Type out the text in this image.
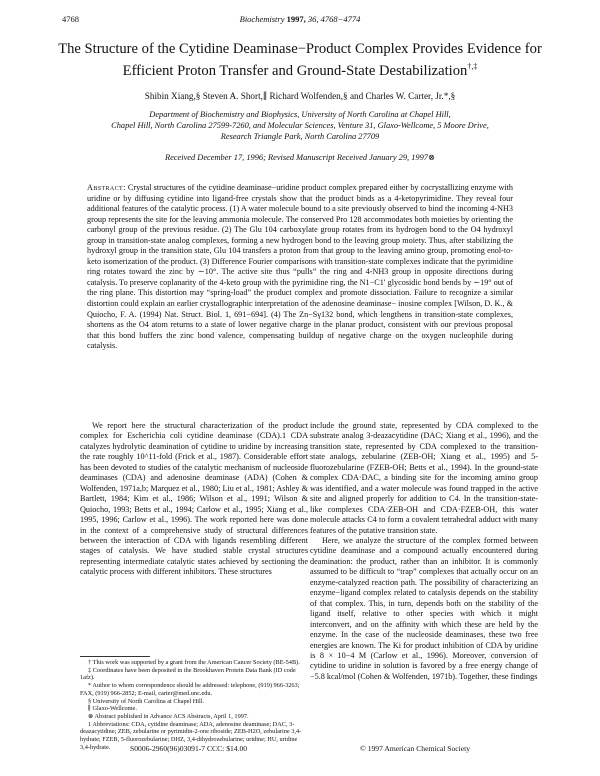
4768	Biochemistry 1997, 36, 4768−4774
The Structure of the Cytidine Deaminase−Product Complex Provides Evidence for
Efficient Proton Transfer and Ground-State Destabilization†,‡
Shibin Xiang,§ Steven A. Short,∥ Richard Wolfenden,§ and Charles W. Carter, Jr.*,§
Department of Biochemistry and Biophysics, University of North Carolina at Chapel Hill,
Chapel Hill, North Carolina 27599-7260, and Molecular Sciences, Venture 31, Glaxo-Wellcome, 5 Moore Drive,
Research Triangle Park, North Carolina 27709
Received December 17, 1996; Revised Manuscript Received January 29, 1997⊗
Abstract: Crystal structures of the cytidine deaminase−uridine product complex prepared either by cocrystallizing enzyme with uridine or by diffusing cytidine into ligand-free crystals show that the product binds as a 4-ketopyrimidine. They reveal four additional features of the catalytic process. (1) A water molecule bound to a site previously observed to bind the incoming 4-NH3 group represents the site for the leaving ammonia molecule. The conserved Pro 128 accommodates both moieties by orienting the carbonyl group of the previous residue. (2) The Glu 104 carboxylate group rotates from its hydrogen bond to the O4 hydroxyl group in transition-state analog complexes, forming a new hydrogen bond to the leaving group moiety. Thus, after stabilizing the hydroxyl group in the transition state, Glu 104 transfers a proton from that group to the leaving amino group, promoting enol-to-keto isomerization of the product. (3) Difference Fourier comparisons with transition-state complexes indicate that the pyrimidine ring rotates toward the zinc by ∼10°. The active site thus “pulls” the ring and 4-NH3 group in opposite directions during catalysis. To preserve coplanarity of the 4-keto group with the pyrimidine ring, the N1−C1′ glycosidic bond bends by ∼19° out of the ring plane. This distortion may “spring-load” the product complex and promote dissociation. Failure to recognize a similar distortion could explain an earlier crystallographic interpretation of the adenosine deaminase− inosine complex [Wilson, D. K., & Quiocho, F. A. (1994) Nat. Struct. Biol. 1, 691−694]. (4) The Zn−Sγ132 bond, which lengthens in transition-state complexes, shortens as the O4 atom returns to a state of lower negative charge in the planar product, consistent with our previous proposal that this bond buffers the zinc bond valence, compensating buildup of negative charge on the oxygen nucleophile during catalysis.

We report here the structural characterization of the product complex for Escherichia coli cytidine deaminase (CDA).1 CDA catalyzes hydrolytic deamination of cytidine to uridine by increasing the rate roughly 10^11-fold (Frick et al., 1987). Considerable effort has been devoted to studies of the catalytic mechanism of nucleoside deaminases (CDA) and adenosine deaminase (ADA) (Cohen & Wolfenden, 1971a,b; Marquez et al., 1980; Liu et al., 1981; Ashley & Bartlett, 1984; Kim et al., 1986; Wilson et al., 1991; Wilson & Quiocho, 1993; Betts et al., 1994; Carlow et al., 1995; Xiang et al., 1995, 1996; Carlow et al., 1996). The work reported here was done in the context of a comprehensive study of structural differences between the interaction of CDA with ligands resembling different stages of catalysis. We have studied stable crystal structures representing intermediate catalytic states achieved by sectioning the catalytic process with different inhibitors. These structures

include the ground state, represented by CDA complexed to the substrate analog 3-deazacytidine (DAC; Xiang et al., 1996), and the transition state, represented by CDA complexed to the transition-state analogs, zebularine (ZEB-OH; Xiang et al., 1995) and 5-fluorozebularine (FZEB-OH; Betts et al., 1994). In the ground-state complex CDA·DAC, a binding site for the incoming amino group was identified, and a water molecule was found trapped in the active site and aligned properly for addition to C4. In the transition-state-like complexes CDA·ZEB-OH and CDA·FZEB-OH, this water molecule attacks C4 to form a covalent tetrahedral adduct with many features of the putative transition state.

Here, we analyze the structure of the complex formed between cytidine deaminase and a compound actually encountered during deamination: the product, rather than an inhibitor. It is commonly assumed to be difficult to “trap” complexes that actually occur on an enzyme-catalyzed reaction path. The possibility of characterizing an enzyme−ligand complex related to catalysis depends on the stability of that complex. This, in turn, depends both on the stability of the ligand itself, relative to other species with which it might interconvert, and on the affinity with which these are held by the enzyme. In the case of the nucleoside deaminases, these two free energies are known. The Ki for product inhibition of CDA by uridine is 8 × 10−4 M (Carlow et al., 1996). Moreover, conversion of cytidine to uridine in solution is favored by a free energy change of −5.8 kcal/mol (Cohen & Wolfenden, 1971b). Together, these findings

† This work was supported by a grant from the American Cancer Society (BE-54B).

‡ Coordinates have been deposited in the Brookhaven Protein Data Bank (ID code 1afz).

* Author to whom correspondence should be addressed: telephone, (919) 966-3263; FAX, (919) 966-2852; E-mail, carter@med.unc.edu.

§ University of North Carolina at Chapel Hill.

∥ Glaxo-Wellcome.

⊗ Abstract published in Advance ACS Abstracts, April 1, 1997.

1 Abbreviations: CDA, cytidine deaminase; ADA, adenosine deaminase; DAC, 3-deazacytidine; ZEB, zebularine or pyrimidin-2-one riboside; ZEB-H2O, zebularine 3,4-hydrate; FZEB, 5-fluorozebularine; DHZ, 3,4-dihydrozebularine; uridine; HU, uridine 3,4-hydrate.	S0006-2960(96)03091-7 CCC: $14.00	© 1997 American Chemical Society
